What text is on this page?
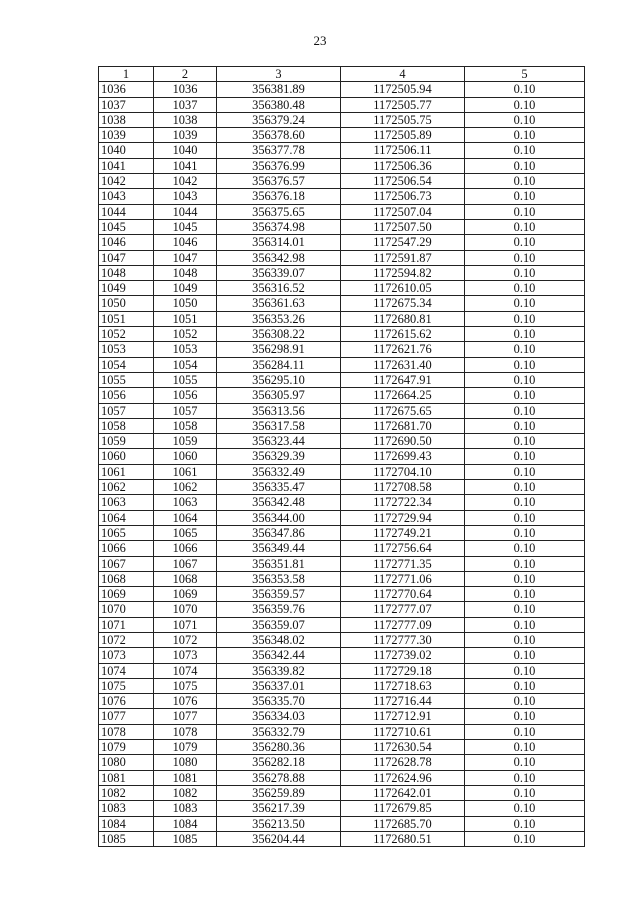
23
1	2	3	4	5
1036	1036	356381.89	1172505.94	0.10
1037	1037	356380.48	1172505.77	0.10
1038	1038	356379.24	1172505.75	0.10
1039	1039	356378.60	1172505.89	0.10
1040	1040	356377.78	1172506.11	0.10
1041	1041	356376.99	1172506.36	0.10
1042	1042	356376.57	1172506.54	0.10
1043	1043	356376.18	1172506.73	0.10
1044	1044	356375.65	1172507.04	0.10
1045	1045	356374.98	1172507.50	0.10
1046	1046	356314.01	1172547.29	0.10
1047	1047	356342.98	1172591.87	0.10
1048	1048	356339.07	1172594.82	0.10
1049	1049	356316.52	1172610.05	0.10
1050	1050	356361.63	1172675.34	0.10
1051	1051	356353.26	1172680.81	0.10
1052	1052	356308.22	1172615.62	0.10
1053	1053	356298.91	1172621.76	0.10
1054	1054	356284.11	1172631.40	0.10
1055	1055	356295.10	1172647.91	0.10
1056	1056	356305.97	1172664.25	0.10
1057	1057	356313.56	1172675.65	0.10
1058	1058	356317.58	1172681.70	0.10
1059	1059	356323.44	1172690.50	0.10
1060	1060	356329.39	1172699.43	0.10
1061	1061	356332.49	1172704.10	0.10
1062	1062	356335.47	1172708.58	0.10
1063	1063	356342.48	1172722.34	0.10
1064	1064	356344.00	1172729.94	0.10
1065	1065	356347.86	1172749.21	0.10
1066	1066	356349.44	1172756.64	0.10
1067	1067	356351.81	1172771.35	0.10
1068	1068	356353.58	1172771.06	0.10
1069	1069	356359.57	1172770.64	0.10
1070	1070	356359.76	1172777.07	0.10
1071	1071	356359.07	1172777.09	0.10
1072	1072	356348.02	1172777.30	0.10
1073	1073	356342.44	1172739.02	0.10
1074	1074	356339.82	1172729.18	0.10
1075	1075	356337.01	1172718.63	0.10
1076	1076	356335.70	1172716.44	0.10
1077	1077	356334.03	1172712.91	0.10
1078	1078	356332.79	1172710.61	0.10
1079	1079	356280.36	1172630.54	0.10
1080	1080	356282.18	1172628.78	0.10
1081	1081	356278.88	1172624.96	0.10
1082	1082	356259.89	1172642.01	0.10
1083	1083	356217.39	1172679.85	0.10
1084	1084	356213.50	1172685.70	0.10
1085	1085	356204.44	1172680.51	0.10
